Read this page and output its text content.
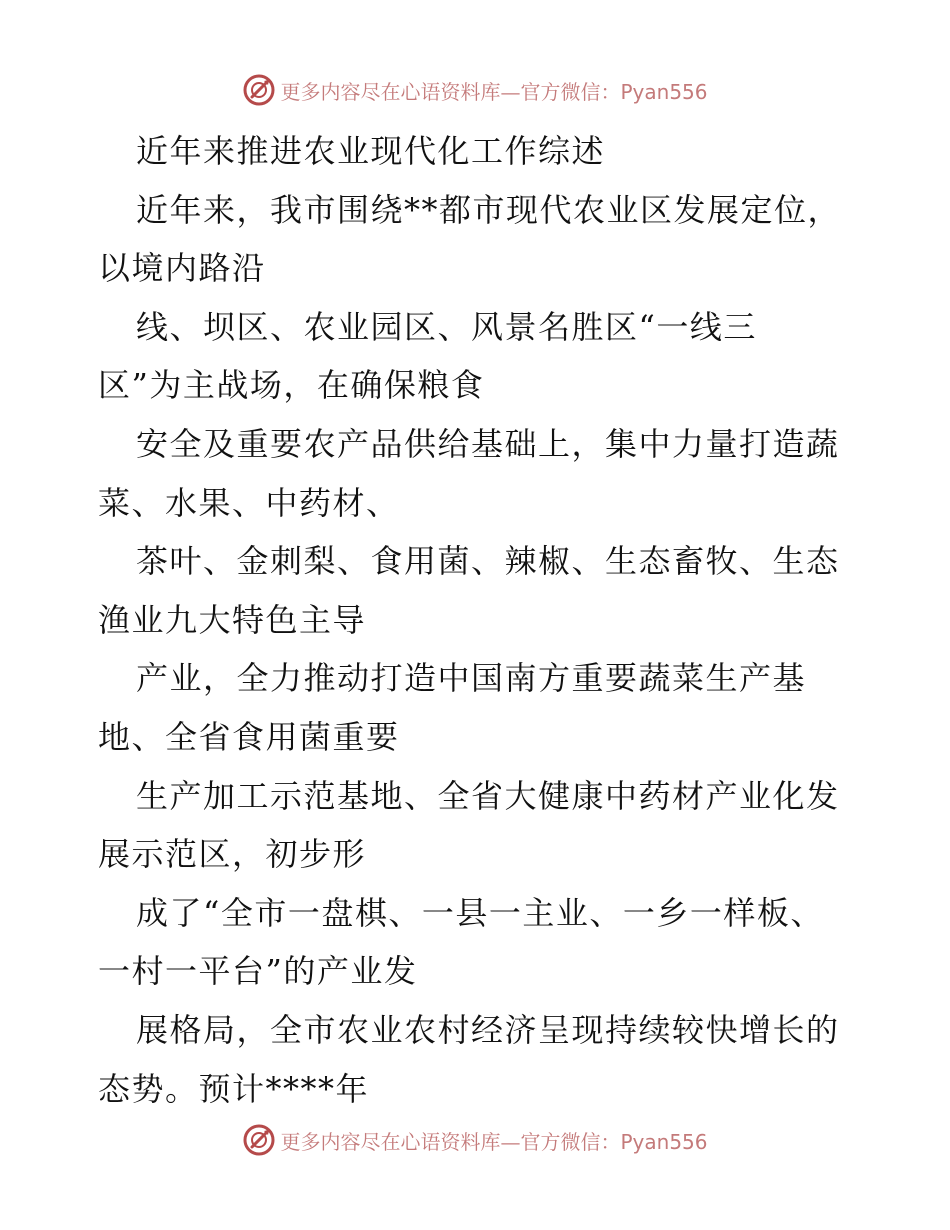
更多内容尽在心语资料库—官方微信：Pyan556
近年来推进农业现代化工作综述
近年来，我市围绕**都市现代农业区发展定位，
以境内路沿
线、坝区、农业园区、风景名胜区“一线三
区”为主战场，在确保粮食
安全及重要农产品供给基础上，集中力量打造蔬
菜、水果、中药材、
茶叶、金刺梨、食用菌、辣椒、生态畜牧、生态
渔业九大特色主导
产业，全力推动打造中国南方重要蔬菜生产基
地、全省食用菌重要
生产加工示范基地、全省大健康中药材产业化发
展示范区，初步形
成了“全市一盘棋、一县一主业、一乡一样板、
一村一平台”的产业发
展格局，全市农业农村经济呈现持续较快增长的
态势。预计****年
更多内容尽在心语资料库—官方微信：Pyan556
